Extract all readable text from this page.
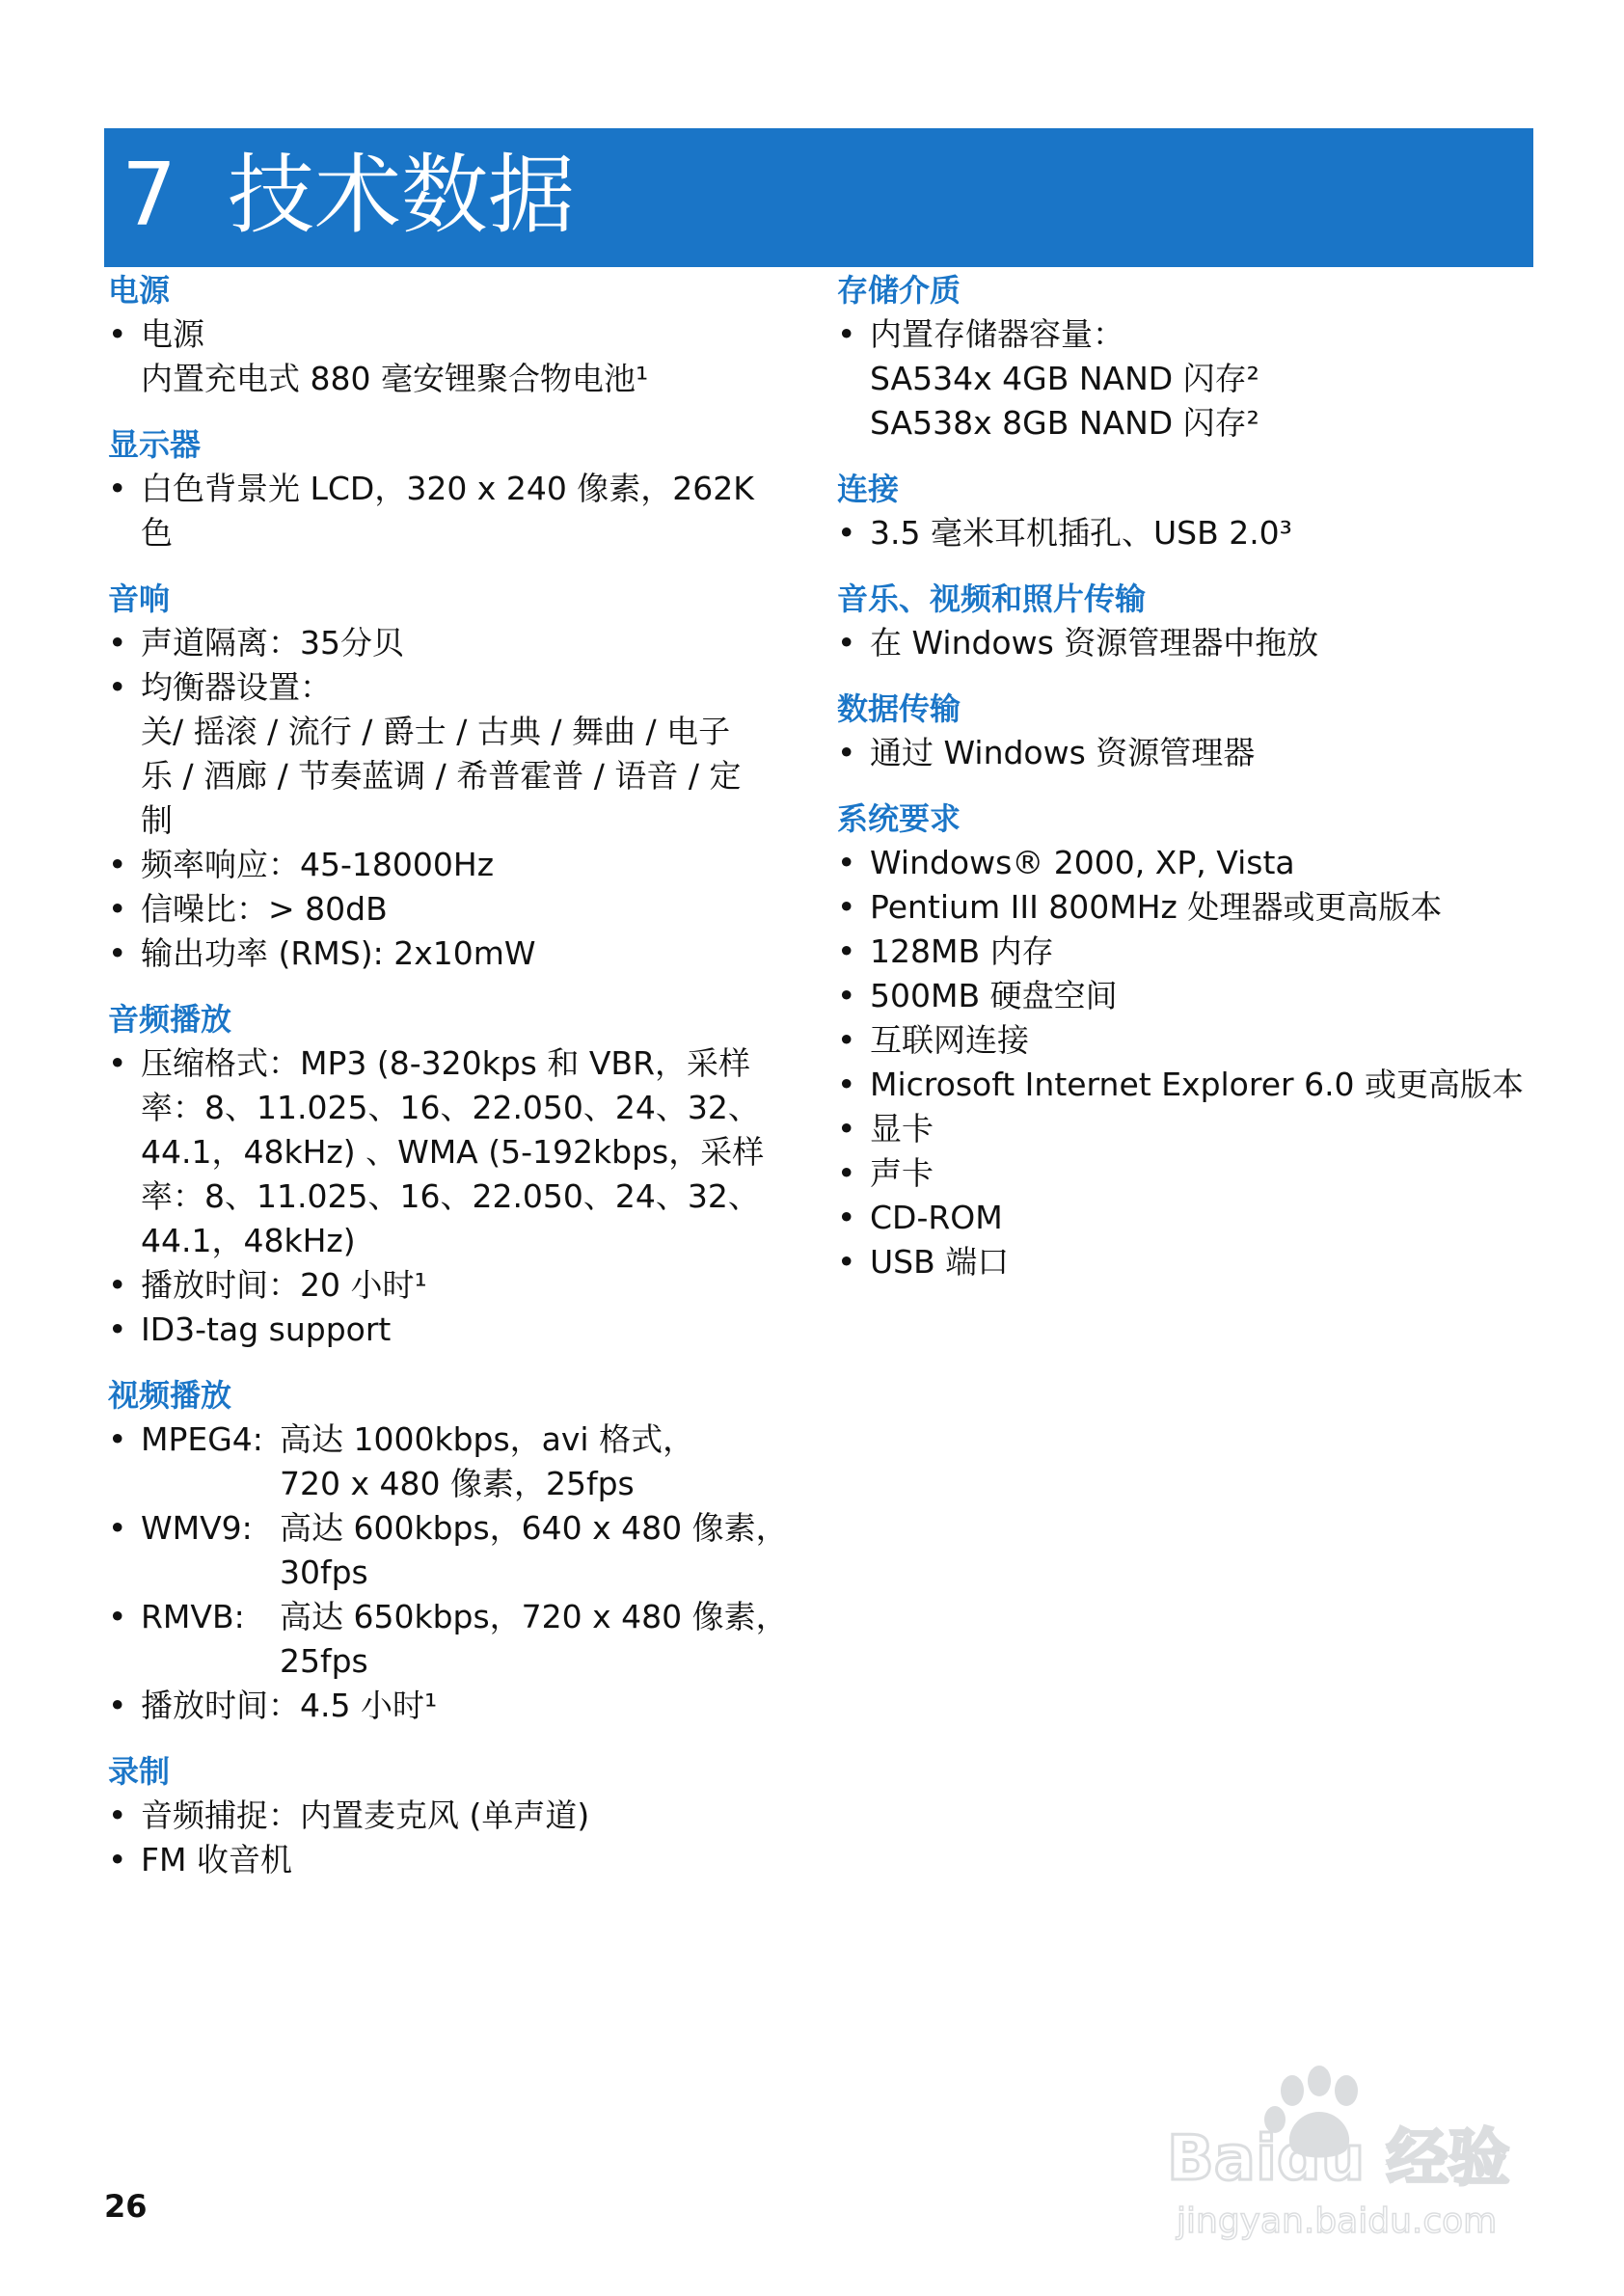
7 技术数据
电源
• 电源
内置充电式 880 毫安锂聚合物电池¹
显示器
• 白色背景光 LCD，320 x 240 像素，262K
色
音响
• 声道隔离：35分贝
• 均衡器设置：
关/ 摇滚 / 流行 / 爵士 / 古典 / 舞曲 / 电子
乐 / 酒廊 / 节奏蓝调 / 希普霍普 / 语音 / 定
制
• 频率响应：45-18000Hz
• 信噪比：> 80dB
• 输出功率 (RMS): 2x10mW
音频播放
• 压缩格式：MP3 (8-320kps 和 VBR，采样
率：8、11.025、16、22.050、24、32、
44.1，48kHz) 、WMA (5-192kbps，采样
率：8、11.025、16、22.050、24、32、
44.1，48kHz)
• 播放时间：20 小时¹
• ID3-tag support
视频播放
• MPEG4: 高达 1000kbps，avi 格式，
720 x 480 像素，25fps
• WMV9: 高达 600kbps，640 x 480 像素，
30fps
• RMVB: 高达 650kbps，720 x 480 像素，
25fps
• 播放时间：4.5 小时¹
录制
• 音频捕捉：内置麦克风 (单声道)
• FM 收音机
存储介质
• 内置存储器容量：
SA534x 4GB NAND 闪存²
SA538x 8GB NAND 闪存²
连接
• 3.5 毫米耳机插孔、USB 2.0³
音乐、视频和照片传输
• 在 Windows 资源管理器中拖放
数据传输
• 通过 Windows 资源管理器
系统要求
• Windows® 2000, XP, Vista
• Pentium III 800MHz 处理器或更高版本
• 128MB 内存
• 500MB 硬盘空间
• 互联网连接
• Microsoft Internet Explorer 6.0 或更高版本
• 显卡
• 声卡
• CD-ROM
• USB 端口
26
Baidu 经验
jingyan.baidu.com
